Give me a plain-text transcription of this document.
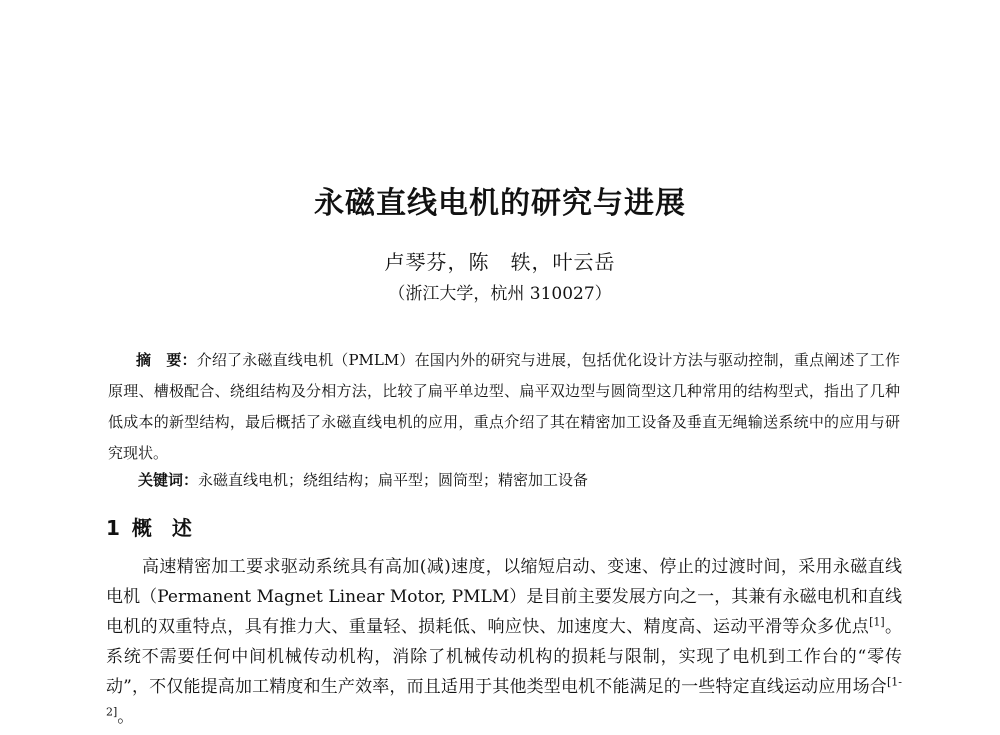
永磁直线电机的研究与进展
卢琴芬，陈　轶，叶云岳
（浙江大学，杭州 310027）
摘　要：介绍了永磁直线电机（PMLM）在国内外的研究与进展，包括优化设计方法与驱动控制，重点阐述了工作原理、槽极配合、绕组结构及分相方法，比较了扁平单边型、扁平双边型与圆筒型这几种常用的结构型式，指出了几种低成本的新型结构，最后概括了永磁直线电机的应用，重点介绍了其在精密加工设备及垂直无绳输送系统中的应用与研究现状。
关键词：永磁直线电机；绕组结构；扁平型；圆筒型；精密加工设备
1 概　述
高速精密加工要求驱动系统具有高加(减)速度，以缩短启动、变速、停止的过渡时间，采用永磁直线电机（Permanent Magnet Linear Motor, PMLM）是目前主要发展方向之一，其兼有永磁电机和直线电机的双重特点，具有推力大、重量轻、损耗低、响应快、加速度大、精度高、运动平滑等众多优点[1]。系统不需要任何中间机械传动机构，消除了机械传动机构的损耗与限制，实现了电机到工作台的“零传动”，不仅能提高加工精度和生产效率，而且适用于其他类型电机不能满足的一些特定直线运动应用场合[1-2]。
